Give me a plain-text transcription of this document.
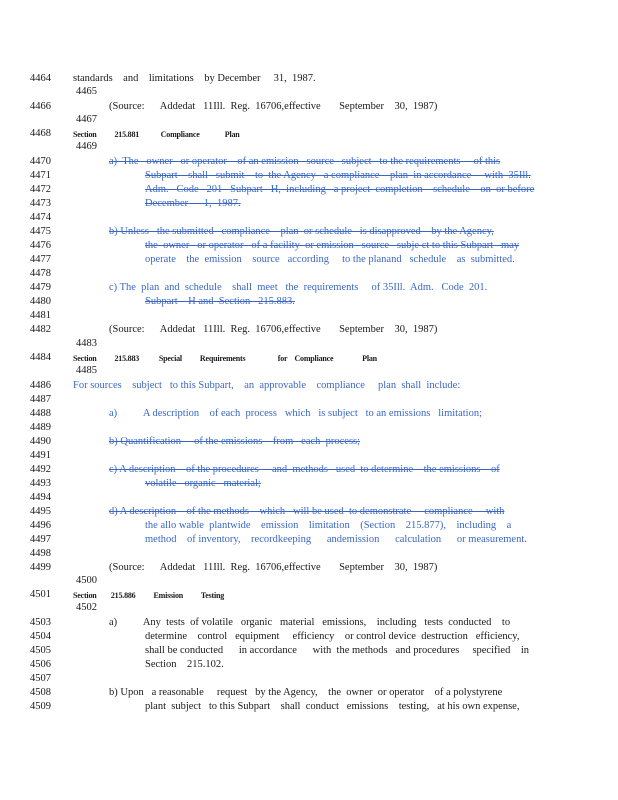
4464
4465
4466
4467
4468
4469
4470
4471
4472
4473
4474
4475
4476
4477
4478
4479
4480
4481
4482
4483
4484
4485
4486
4487
4488
4489
4490
4491
4492
4493
4494
4495
4496
4497
4498
4499
4500
4501
4502
4503
4504
4505
4506
4507
4508
4509
standards    and    limitations    by December     31,  1987.
(Source:      Addedat   11Ill.  Reg.  16706,effective       September    30,  1987)
Section          215.881            Compliance              Plan
a)  The   owner   or operator    of an emission   source   subject   to the requirements     of this
Subpart    shall   submit    to  the Agency   a compliance    plan  in accordance     with  35Ill.
Adm.   Code   201   Subpart   H,  including   a project  completion    schedule    on  or before
December      1,  1987.
b) Unless   the submitted   compliance    plan  or schedule   is disapproved    by the Agency,
the  owner   or operator   of a facility  or emission   source   subje ct to this Subpart   may
operate    the  emission    source   according     to the planand   schedule    as  submitted.
c) The  plan  and  schedule    shall  meet   the  requirements     of 35Ill.  Adm.   Code  201.
Subpart    H and  Section   215.883.
(Source:      Addedat   11Ill.  Reg.  16706,effective       September    30,  1987)
Section          215.883           Special          Requirements                  for    Compliance                Plan
For sources    subject   to this Subpart,    an  approvable    compliance     plan  shall  include:
a)          A description    of each  process   which   is subject   to an emissions   limitation;
b) Quantification     of the emissions    from   each  process;
c) A description    of the procedures     and  methods   used  to determine    the emissions    of
volatile   organic   material;
d) A description    of the methods    which   will be used  to demonstrate     compliance     with
the allo wable  plantwide    emission    limitation    (Section    215.877),    including    a
method    of inventory,    recordkeeping      andemission      calculation      or measurement.
(Source:      Addedat   11Ill.  Reg.  16706,effective       September    30,  1987)
Section        215.886          Emission          Testing
a)          Any  tests  of volatile   organic   material   emissions,    including   tests  conducted    to
determine    control   equipment     efficiency    or control device  destruction   efficiency,
shall be conducted      in accordance      with  the methods   and procedures     specified    in
Section    215.102.
b) Upon   a reasonable     request   by the Agency,    the  owner  or operator    of a polystyrene
plant  subject   to this Subpart    shall  conduct   emissions    testing,   at his own expense,
